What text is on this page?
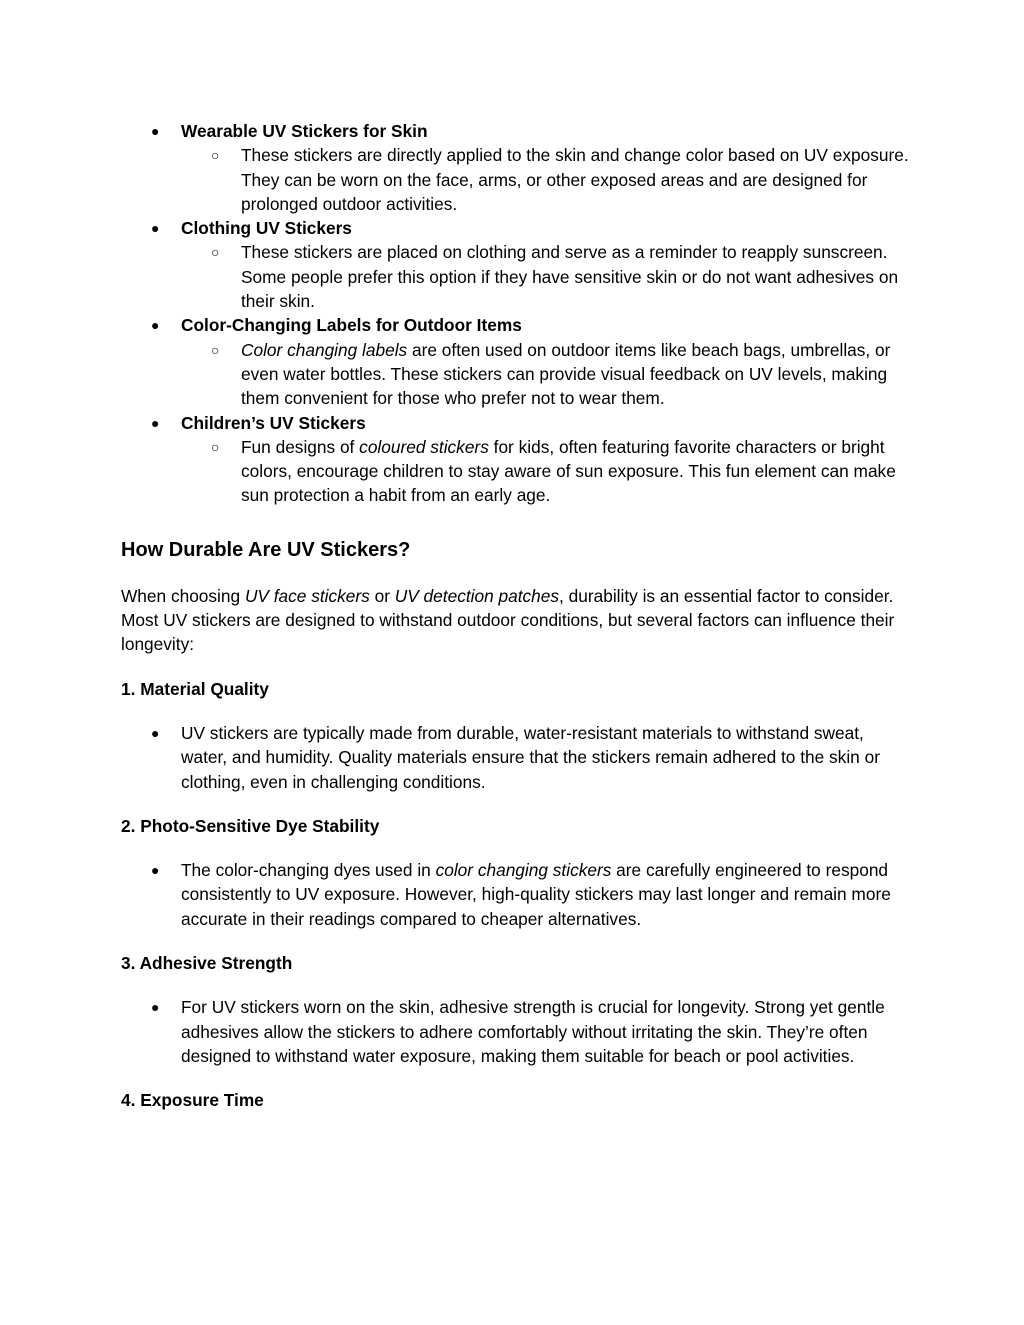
● Wearable UV Stickers for Skin
○ These stickers are directly applied to the skin and change color based on UV exposure. They can be worn on the face, arms, or other exposed areas and are designed for prolonged outdoor activities.
● Clothing UV Stickers
○ These stickers are placed on clothing and serve as a reminder to reapply sunscreen. Some people prefer this option if they have sensitive skin or do not want adhesives on their skin.
● Color-Changing Labels for Outdoor Items
○ Color changing labels are often used on outdoor items like beach bags, umbrellas, or even water bottles. These stickers can provide visual feedback on UV levels, making them convenient for those who prefer not to wear them.
● Children’s UV Stickers
○ Fun designs of coloured stickers for kids, often featuring favorite characters or bright colors, encourage children to stay aware of sun exposure. This fun element can make sun protection a habit from an early age.
How Durable Are UV Stickers?

When choosing UV face stickers or UV detection patches, durability is an essential factor to consider. Most UV stickers are designed to withstand outdoor conditions, but several factors can influence their longevity:

1. Material Quality
● UV stickers are typically made from durable, water-resistant materials to withstand sweat, water, and humidity. Quality materials ensure that the stickers remain adhered to the skin or clothing, even in challenging conditions.
2. Photo-Sensitive Dye Stability
● The color-changing dyes used in color changing stickers are carefully engineered to respond consistently to UV exposure. However, high-quality stickers may last longer and remain more accurate in their readings compared to cheaper alternatives.
3. Adhesive Strength
● For UV stickers worn on the skin, adhesive strength is crucial for longevity. Strong yet gentle adhesives allow the stickers to adhere comfortably without irritating the skin. They’re often designed to withstand water exposure, making them suitable for beach or pool activities.
4. Exposure Time
